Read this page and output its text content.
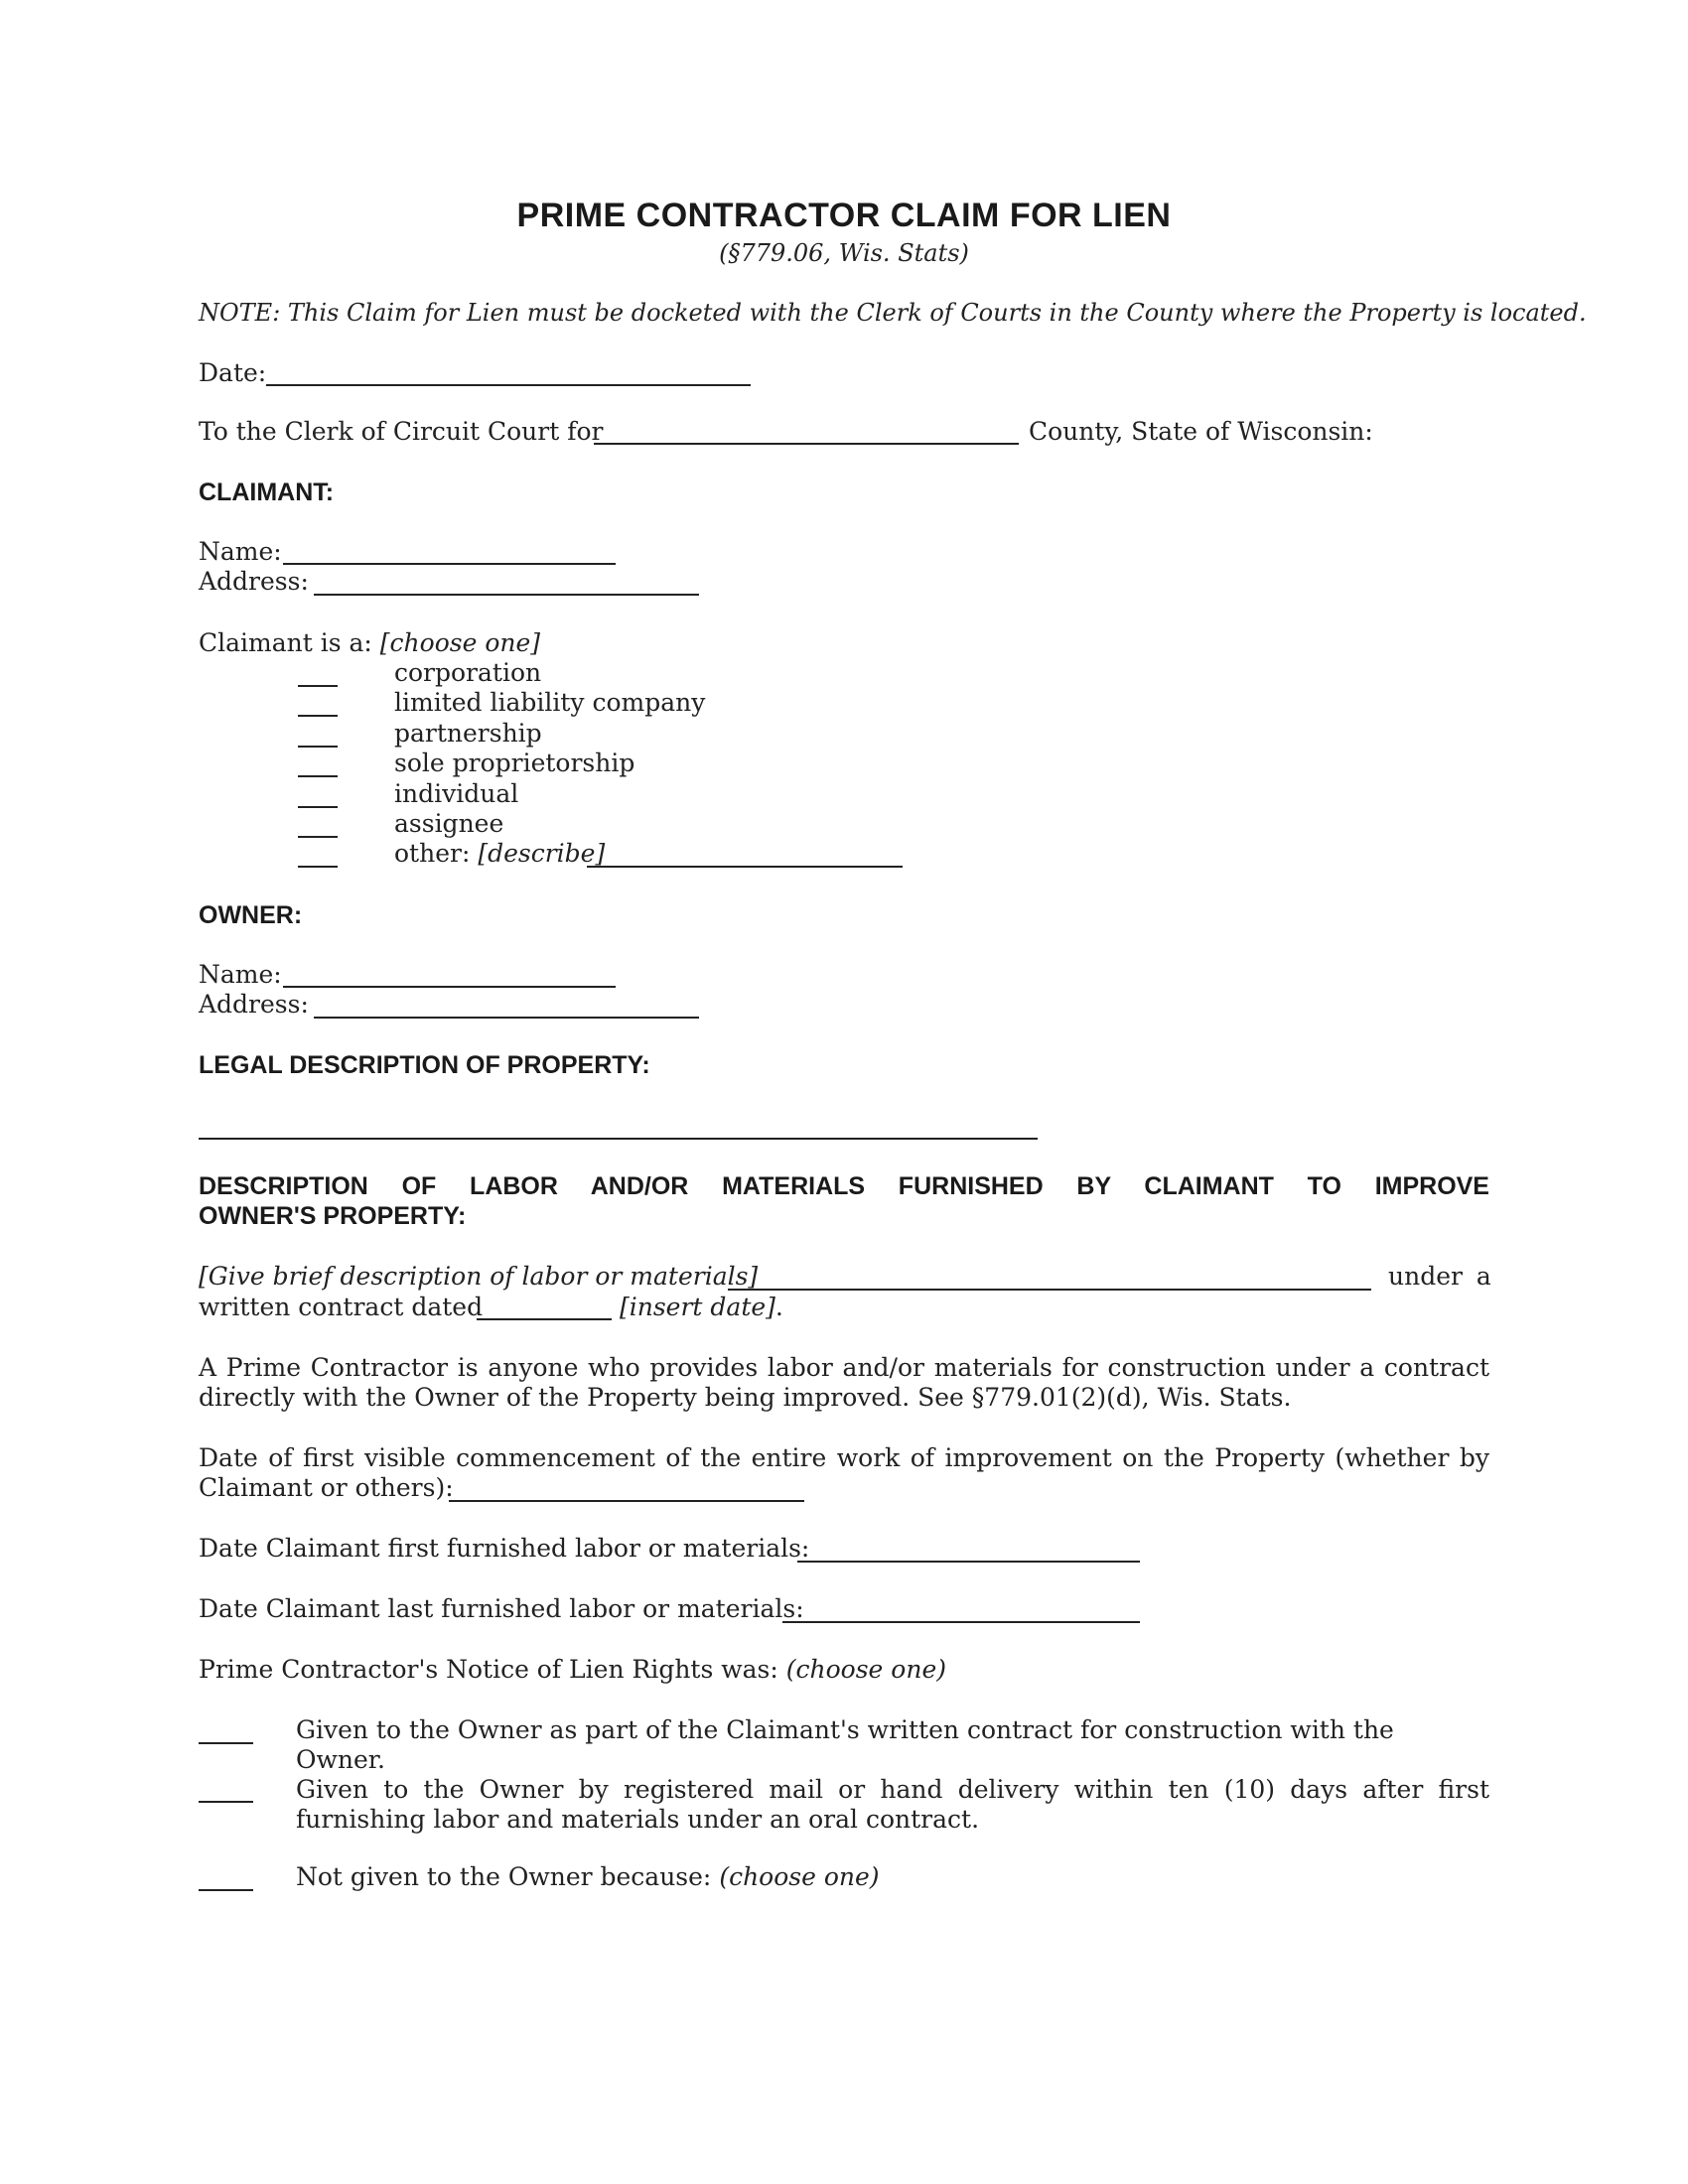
PRIME CONTRACTOR CLAIM FOR LIEN
(§779.06, Wis. Stats)
NOTE: This Claim for Lien must be docketed with the Clerk of Courts in the County where the Property is located.
Date:
To the Clerk of Circuit Court for	County, State of Wisconsin:
CLAIMANT:
Name:
Address:
Claimant is a: [choose one]
corporation
limited liability company
partnership
sole proprietorship
individual
assignee
other: [describe]
OWNER:
Name:
Address:
LEGAL DESCRIPTION OF PROPERTY:
DESCRIPTION OF LABOR AND/OR MATERIALS FURNISHED BY CLAIMANT TO IMPROVE
OWNER'S PROPERTY:
[Give brief description of labor or materials]	under a
written contract dated	[insert date].
A Prime Contractor is anyone who provides labor and/or materials for construction under a contract directly with the Owner of the Property being improved. See §779.01(2)(d), Wis. Stats.
Date of first visible commencement of the entire work of improvement on the Property (whether by
Claimant or others):
Date Claimant first furnished labor or materials:
Date Claimant last furnished labor or materials:
Prime Contractor's Notice of Lien Rights was: (choose one)
Given to the Owner as part of the Claimant's written contract for construction with the Owner.
Given to the Owner by registered mail or hand delivery within ten (10) days after first furnishing labor and materials under an oral contract.
Not given to the Owner because: (choose one)
